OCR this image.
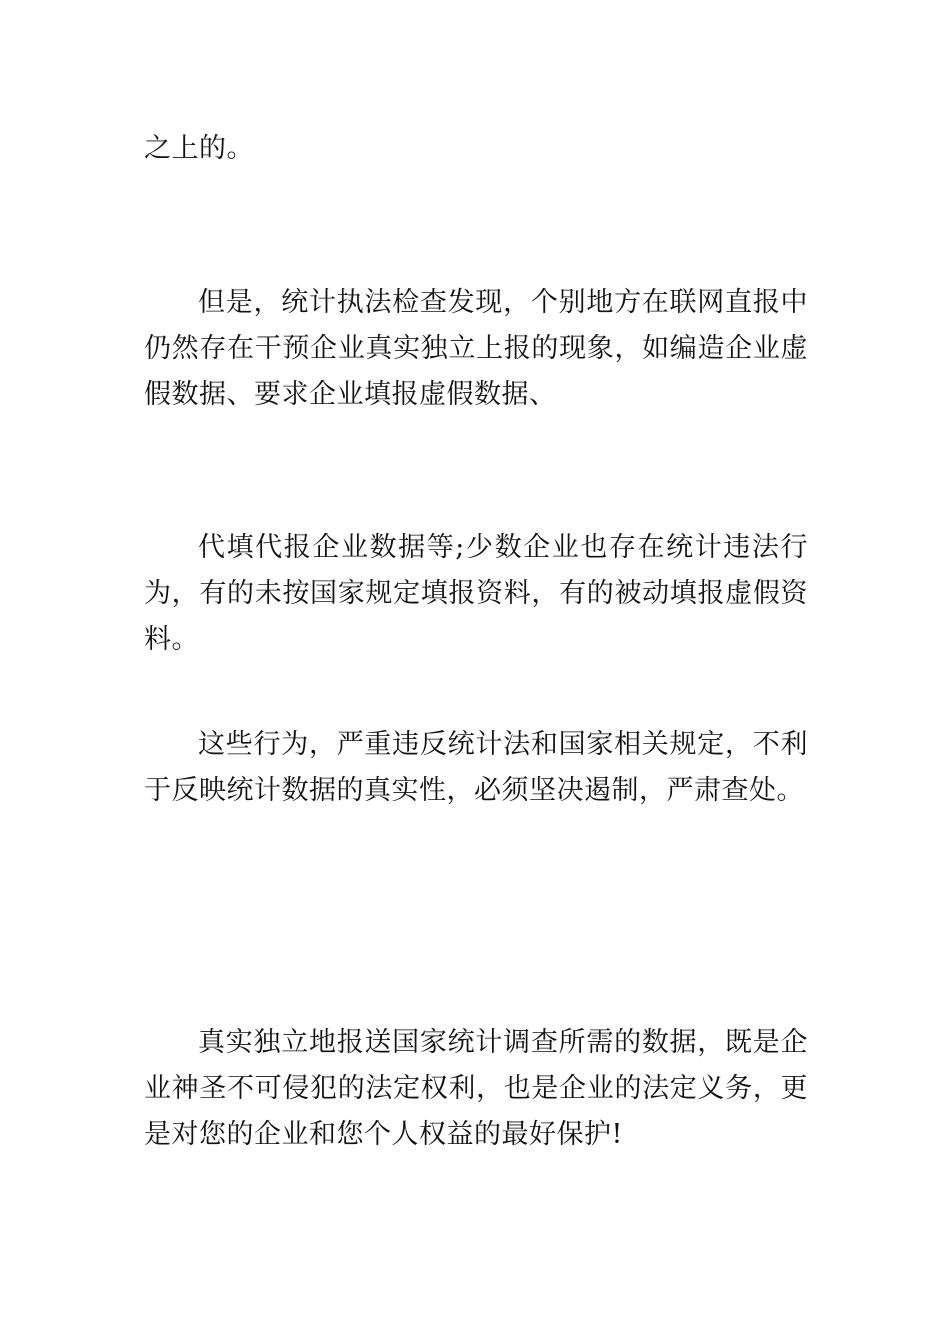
之上的。

但是，统计执法检查发现，个别地方在联网直报中仍然存在干预企业真实独立上报的现象，如编造企业虚假数据、要求企业填报虚假数据、

代填代报企业数据等;少数企业也存在统计违法行为，有的未按国家规定填报资料，有的被动填报虚假资料。

这些行为，严重违反统计法和国家相关规定，不利于反映统计数据的真实性，必须坚决遏制，严肃查处。

真实独立地报送国家统计调查所需的数据，既是企业神圣不可侵犯的法定权利，也是企业的法定义务，更是对您的企业和您个人权益的最好保护!
